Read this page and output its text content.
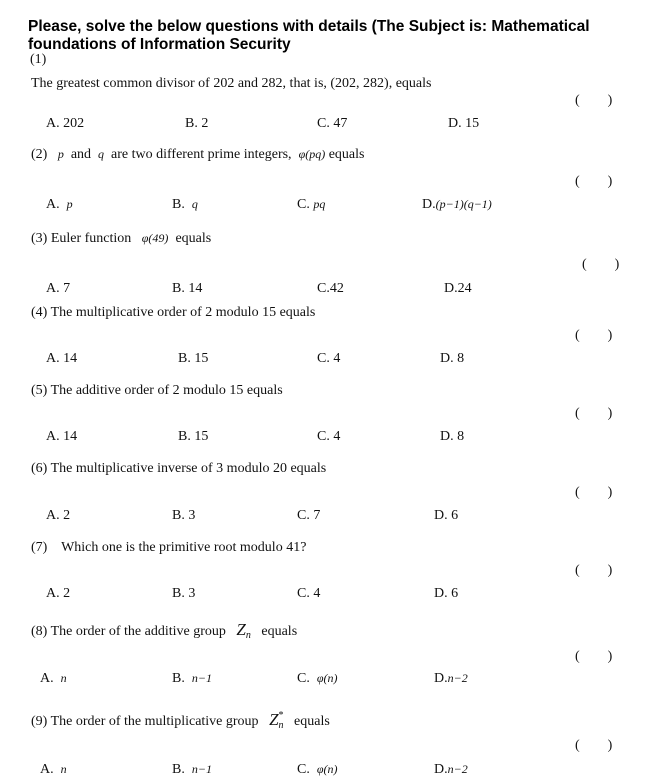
Please, solve the below questions with details (The Subject is: Mathematical foundations of Information Security
(1)
The greatest common divisor of 202 and 282, that is, (202, 282), equals
(        )
A. 202	B. 2	C. 47	D. 15
(2) p and q are two different prime integers, φ(pq) equals
(        )
A. p	B. q	C. pq	D.(p−1)(q−1)
(3) Euler function φ(49) equals
(        )
A. 7	B. 14	C.42	D.24
(4) The multiplicative order of 2 modulo 15 equals
(        )
A. 14	B. 15	C. 4	D. 8
(5) The additive order of 2 modulo 15 equals
(        )
A. 14	B. 15	C. 4	D. 8
(6) The multiplicative inverse of 3 modulo 20 equals
(        )
A. 2	B. 3	C. 7	D. 6
(7)    Which one is the primitive root modulo 41?
(        )
A. 2	B. 3	C. 4	D. 6
(8) The order of the additive group $Z_n$ equals
(        )
A. n	B. n−1	C. φ(n)	D.n−2
(9) The order of the multiplicative group $Z_n^*$ equals
(        )
A. n	B. n−1	C. φ(n)	D.n−2
